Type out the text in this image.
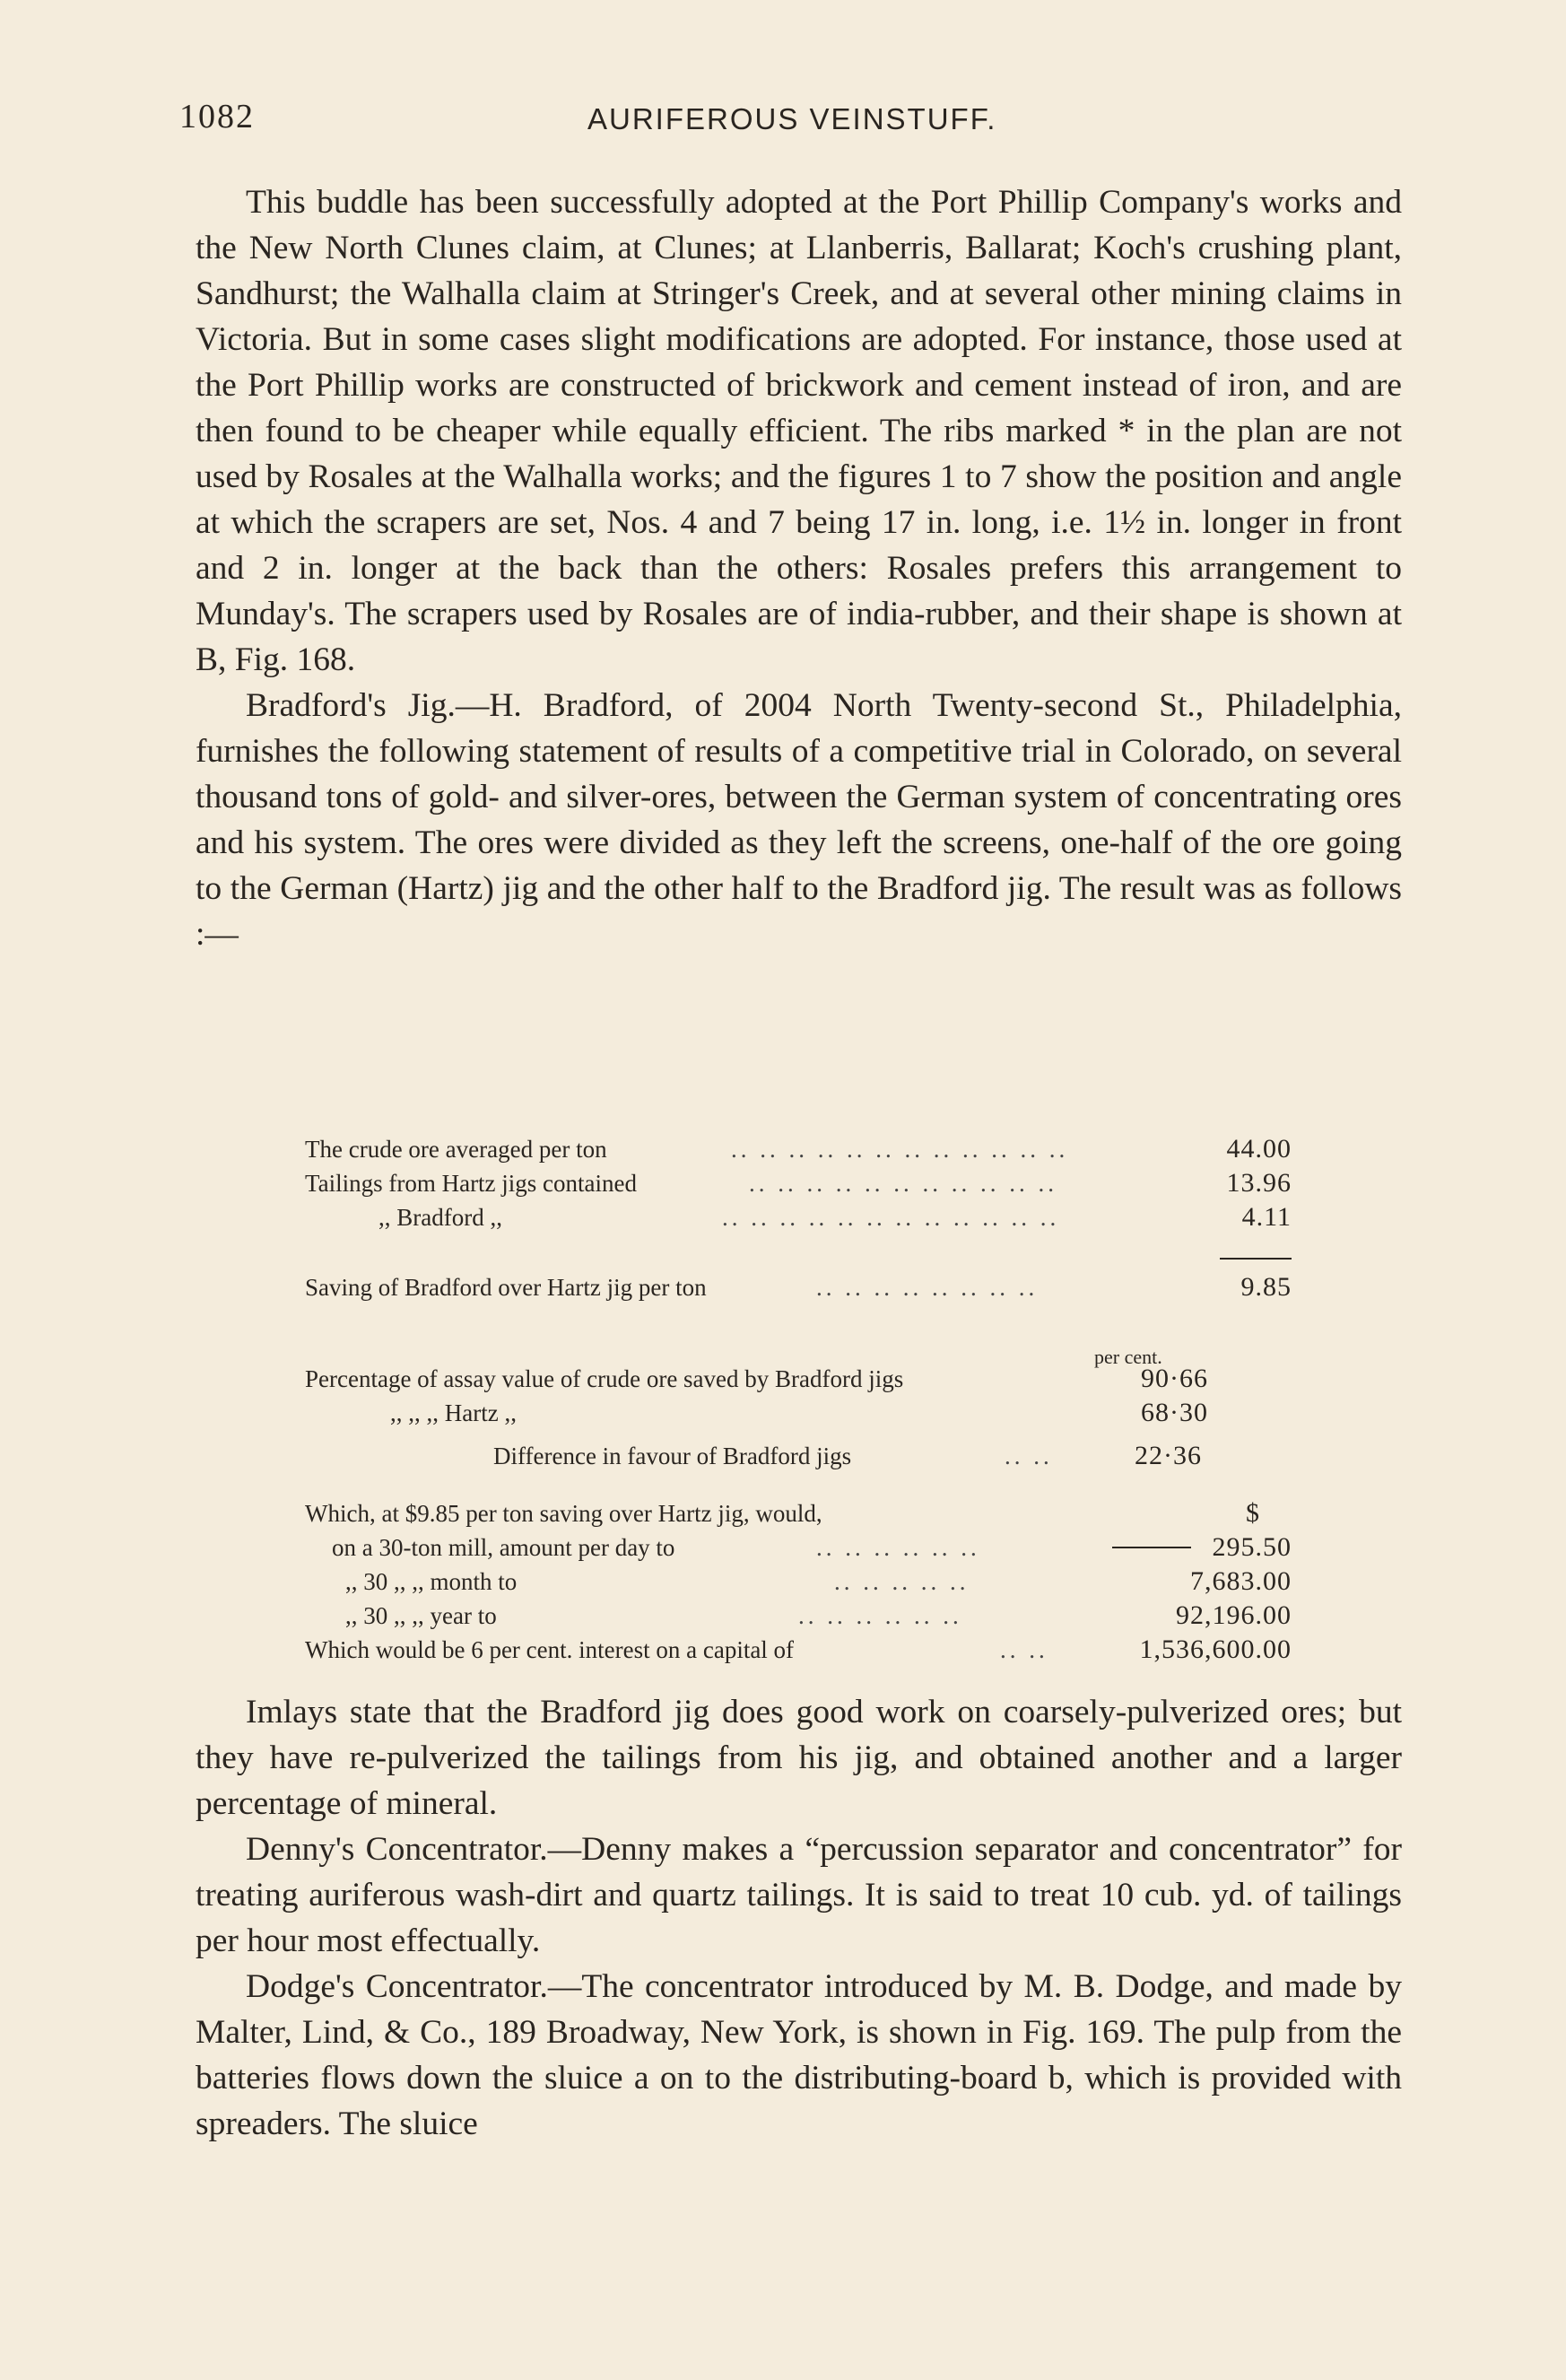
1082	AURIFEROUS VEINSTUFF.

This buddle has been successfully adopted at the Port Phillip Company's works and the New North Clunes claim, at Clunes; at Llanberris, Ballarat; Koch's crushing plant, Sandhurst; the Walhalla claim at Stringer's Creek, and at several other mining claims in Victoria. But in some cases slight modifications are adopted. For instance, those used at the Port Phillip works are constructed of brickwork and cement instead of iron, and are then found to be cheaper while equally efficient. The ribs marked * in the plan are not used by Rosales at the Walhalla works; and the figures 1 to 7 show the position and angle at which the scrapers are set, Nos. 4 and 7 being 17 in. long, i.e. 1½ in. longer in front and 2 in. longer at the back than the others: Rosales prefers this arrangement to Munday's. The scrapers used by Rosales are of india-rubber, and their shape is shown at B, Fig. 168.

Bradford's Jig.—H. Bradford, of 2004 North Twenty-second St., Philadelphia, furnishes the following statement of results of a competitive trial in Colorado, on several thousand tons of gold- and silver-ores, between the German system of concentrating ores and his system. The ores were divided as they left the screens, one-half of the ore going to the German (Hartz) jig and the other half to the Bradford jig. The result was as follows :—

The crude ore averaged per ton	.. .. .. .. .. .. .. .. .. .. .. ..	44.00
Tailings from Hartz jigs contained	.. .. .. .. .. .. .. .. .. .. ..	13.96
,, Bradford ,,	.. .. .. .. .. .. .. .. .. .. .. ..	4.11
Saving of Bradford over Hartz jig per ton	.. .. .. .. .. .. .. ..	9.85
per cent.
Percentage of assay value of crude ore saved by Bradford jigs	90·66
,, ,, ,, Hartz ,,	68·30
Difference in favour of Bradford jigs	.. ..	22·36
Which, at $9.85 per ton saving over Hartz jig, would,	$
on a 30-ton mill, amount per day to	.. .. .. .. .. ..	295.50
,, 30 ,, ,, month to	.. .. .. .. ..	7,683.00
,, 30 ,, ,, year to	.. .. .. .. .. ..	92,196.00
Which would be 6 per cent. interest on a capital of	.. ..	1,536,600.00

Imlays state that the Bradford jig does good work on coarsely-pulverized ores; but they have re-pulverized the tailings from his jig, and obtained another and a larger percentage of mineral.

Denny's Concentrator.—Denny makes a “percussion separator and concentrator” for treating auriferous wash-dirt and quartz tailings. It is said to treat 10 cub. yd. of tailings per hour most effectually.

Dodge's Concentrator.—The concentrator introduced by M. B. Dodge, and made by Malter, Lind, & Co., 189 Broadway, New York, is shown in Fig. 169. The pulp from the batteries flows down the sluice a on to the distributing-board b, which is provided with spreaders. The sluice
